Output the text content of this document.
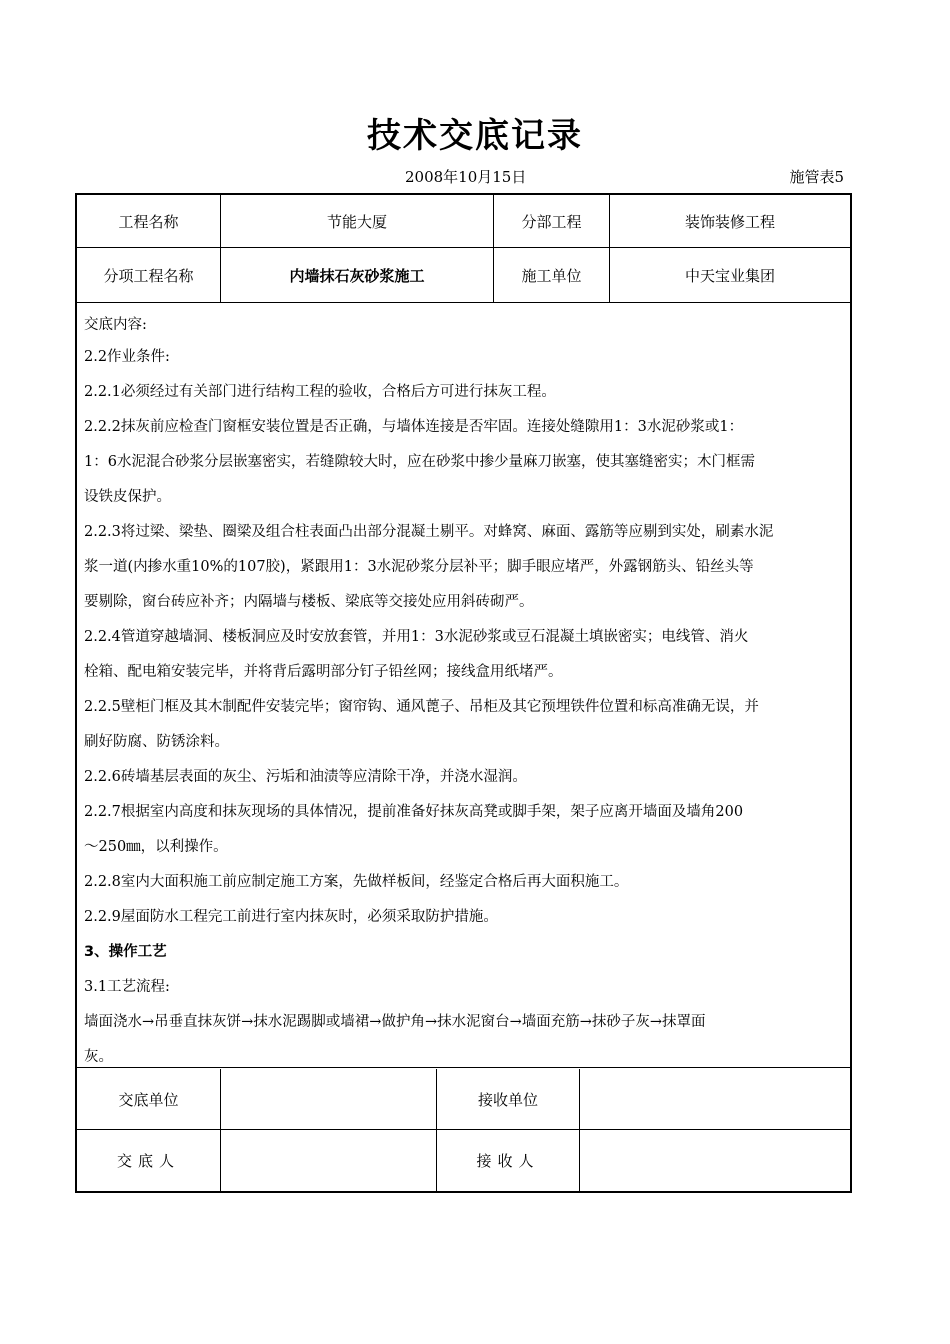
技术交底记录
2008年10月15日	施管表5
工程名称	节能大厦	分部工程	装饰装修工程
分项工程名称	内墙抹石灰砂浆施工	施工单位	中天宝业集团
交底内容:
2.2作业条件:
2.2.1必须经过有关部门进行结构工程的验收，合格后方可进行抹灰工程。
2.2.2抹灰前应检查门窗框安装位置是否正确，与墙体连接是否牢固。连接处缝隙用1：3水泥砂浆或1：
1：6水泥混合砂浆分层嵌塞密实，若缝隙较大时，应在砂浆中掺少量麻刀嵌塞，使其塞缝密实；木门框需
设铁皮保护。
2.2.3将过梁、梁垫、圈梁及组合柱表面凸出部分混凝土剔平。对蜂窝、麻面、露筋等应剔到实处，刷素水泥
浆一道(内掺水重10%的107胶)，紧跟用1：3水泥砂浆分层补平；脚手眼应堵严，外露钢筋头、铅丝头等
要剔除，窗台砖应补齐；内隔墙与楼板、梁底等交接处应用斜砖砌严。
2.2.4管道穿越墙洞、楼板洞应及时安放套管，并用1：3水泥砂浆或豆石混凝土填嵌密实；电线管、消火
栓箱、配电箱安装完毕，并将背后露明部分钉子铅丝网；接线盒用纸堵严。
2.2.5壁柜门框及其木制配件安装完毕；窗帘钩、通风蓖子、吊柜及其它预埋铁件位置和标高准确无误，并
刷好防腐、防锈涂料。
2.2.6砖墙基层表面的灰尘、污垢和油渍等应清除干净，并浇水湿润。
2.2.7根据室内高度和抹灰现场的具体情况，提前准备好抹灰高凳或脚手架，架子应离开墙面及墙角200
～250㎜，以利操作。
2.2.8室内大面积施工前应制定施工方案，先做样板间，经鉴定合格后再大面积施工。
2.2.9屋面防水工程完工前进行室内抹灰时，必须采取防护措施。
3、操作工艺
3.1工艺流程:
墙面浇水→吊垂直抹灰饼→抹水泥踢脚或墙裙→做护角→抹水泥窗台→墙面充筋→抹砂子灰→抹罩面
灰。
交底单位	接收单位
交底人	接收人
